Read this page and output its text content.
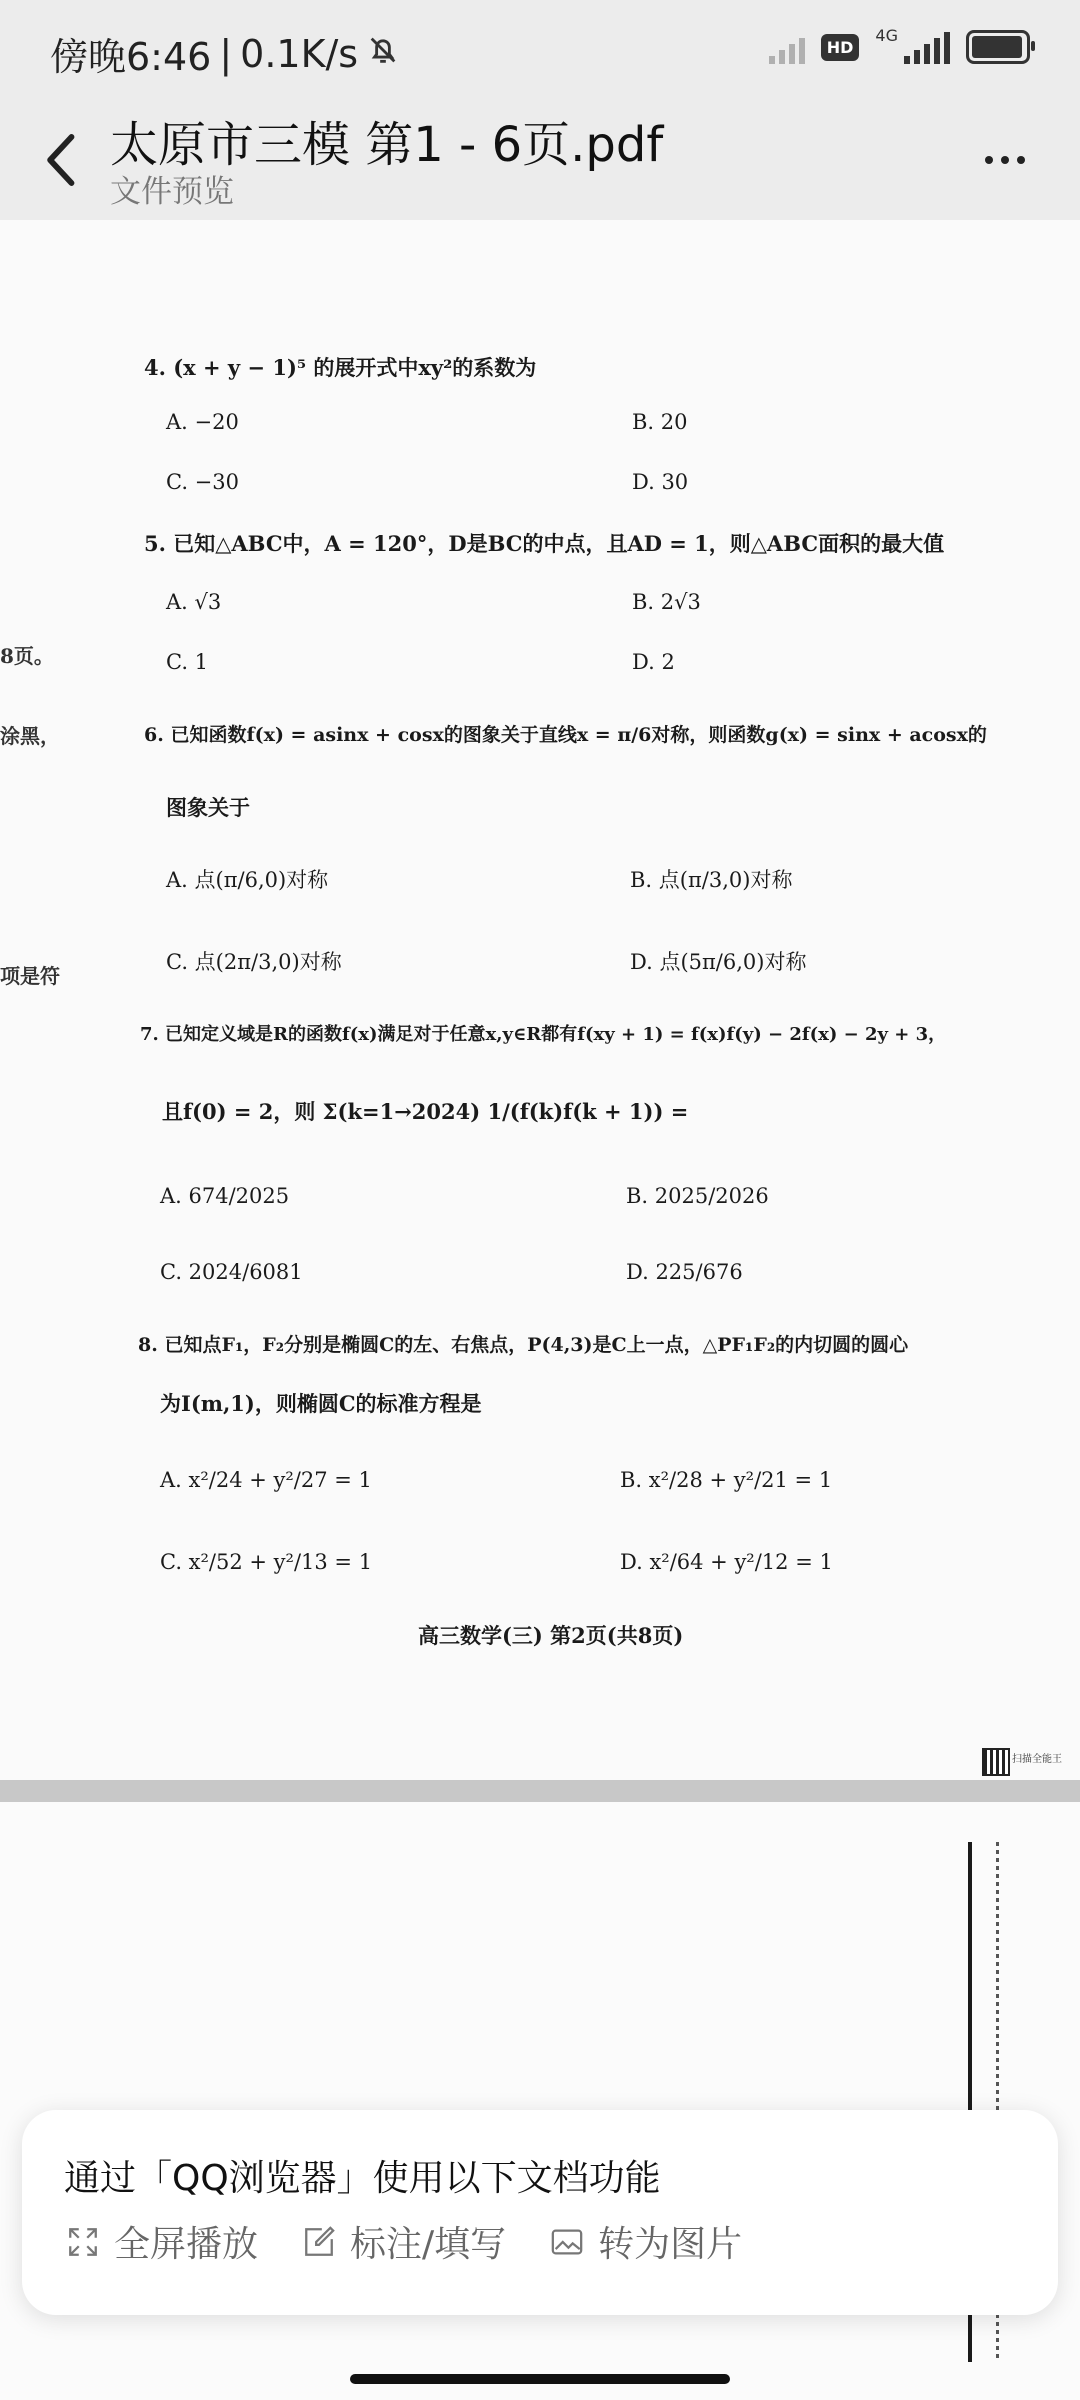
傍晚6:46 | 0.1K/s	HD
4G
太原市三模 第1 - 6页.pdf
文件预览
8页。
涂黑，
项是符
4. (x + y − 1)⁵ 的展开式中xy²的系数为
A. −20	B. 20
C. −30	D. 30
5. 已知△ABC中，A = 120°，D是BC的中点，且AD = 1，则△ABC面积的最大值
A. √3	B. 2√3
C. 1	D. 2
6. 已知函数f(x) = asinx + cosx的图象关于直线x = π/6对称，则函数g(x) = sinx + acosx的
图象关于
A. 点(π/6,0)对称	B. 点(π/3,0)对称
C. 点(2π/3,0)对称	D. 点(5π/6,0)对称
7. 已知定义域是R的函数f(x)满足对于任意x,y∈R都有f(xy + 1) = f(x)f(y) − 2f(x) − 2y + 3，
且f(0) = 2，则 Σ(k=1→2024) 1/(f(k)f(k + 1)) =
A. 674/2025	B. 2025/2026
C. 2024/6081	D. 225/676
8. 已知点F₁，F₂分别是椭圆C的左、右焦点，P(4,3)是C上一点，△PF₁F₂的内切圆的圆心
为I(m,1)，则椭圆C的标准方程是
A. x²/24 + y²/27 = 1	B. x²/28 + y²/21 = 1
C. x²/52 + y²/13 = 1	D. x²/64 + y²/12 = 1
高三数学(三) 第2页(共8页)
扫描全能王
通过「QQ浏览器」使用以下文档功能
全屏播放	标注/填写	转为图片
